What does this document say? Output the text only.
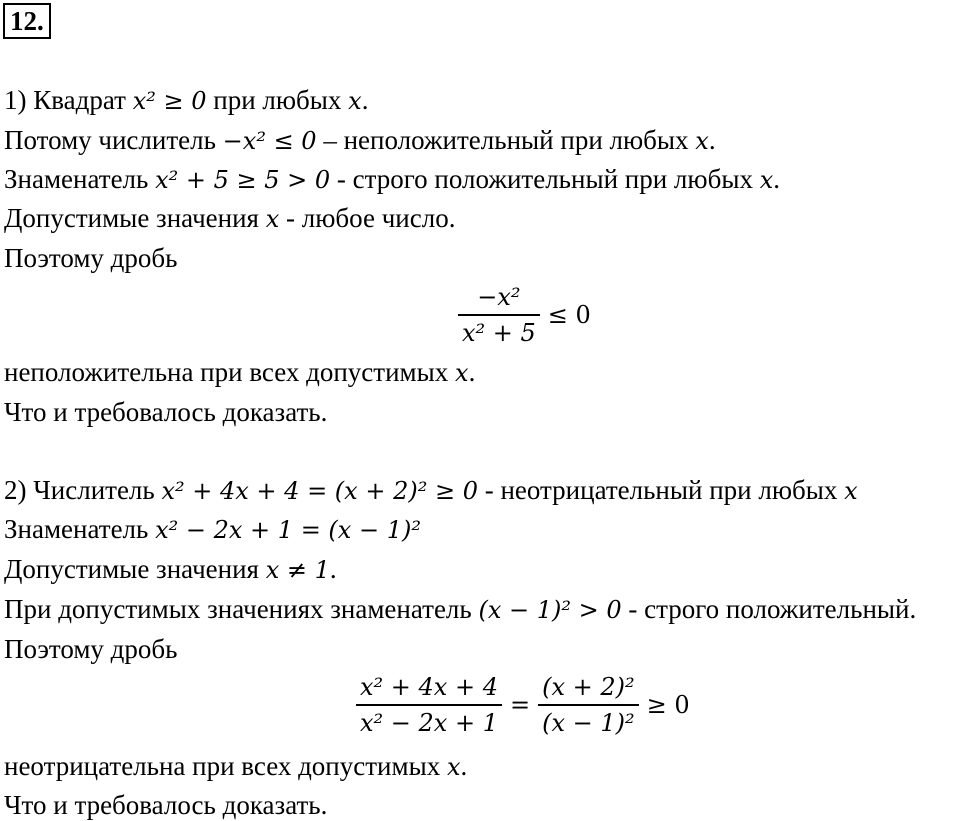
12.
1) Квадрат x² ≥ 0 при любых x.
Потому числитель −x² ≤ 0 – неположительный при любых x.
Знаменатель x² + 5 ≥ 5 > 0 - строго положительный при любых x.
Допустимые значения x - любое число.
Поэтому дробь
$\frac{\text{−x²}}{\text{x² + 5}} \le 0$
неположительна при всех допустимых x.
Что и требовалось доказать.
2) Числитель x² + 4x + 4 = (x + 2)² ≥ 0 - неотрицательный при любых x
Знаменатель x² − 2x + 1 = (x − 1)²
Допустимые значения x ≠ 1.
При допустимых значениях знаменатель (x − 1)² > 0 - строго положительный.
Поэтому дробь
$\frac{\text{x² + 4x + 4}}{\text{x² − 2x + 1}} = \frac{\text{(x + 2)²}}{\text{(x − 1)²}} \ge 0$
неотрицательна при всех допустимых x.
Что и требовалось доказать.
